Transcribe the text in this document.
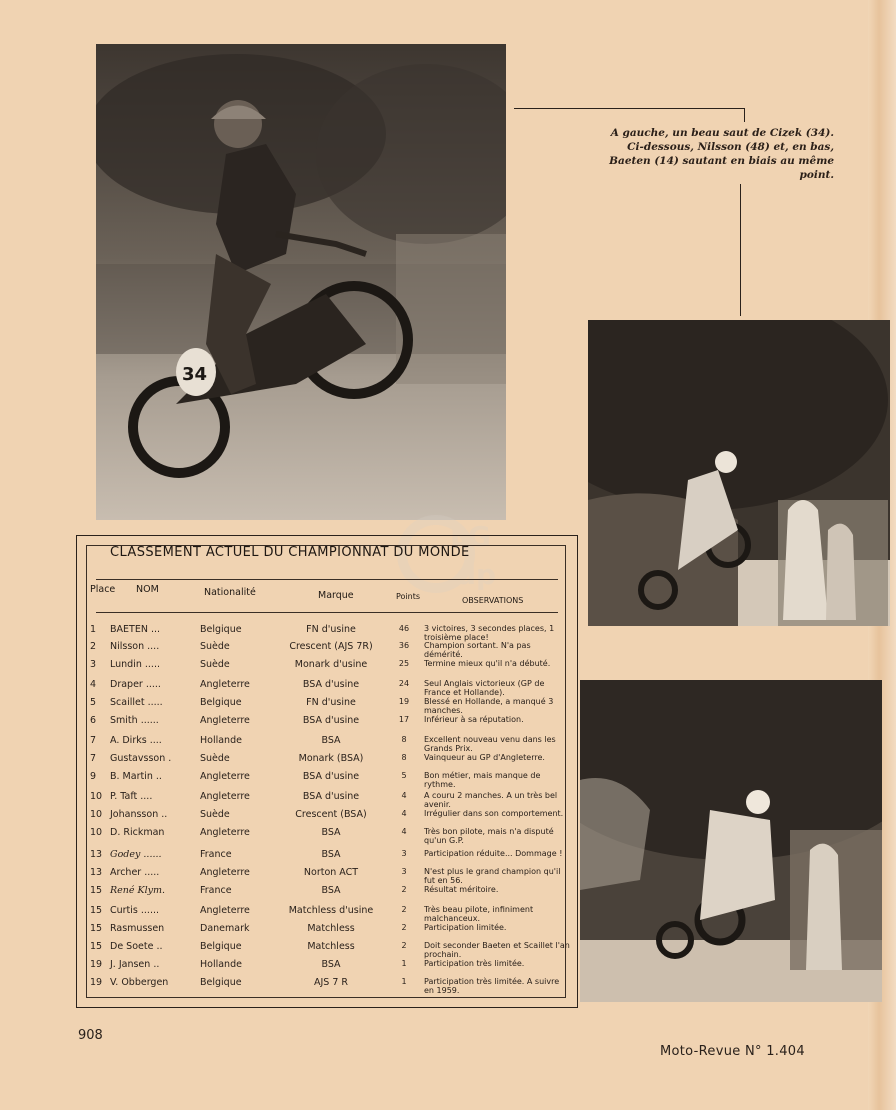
34
A gauche, un beau saut de Cizek (34).
Ci-dessous, Nilsson (48) et, en bas,
Baeten (14) sautant en biais au même
point.
LG
dp
CLASSEMENT ACTUEL DU CHAMPIONNAT DU MONDE
Place NOM	Nationalité	Marque	Points	OBSERVATIONS
1	BAETEN ...	Belgique	FN d'usine	46	3 victoires, 3 secondes places, 1 troisième place!
2	Nilsson ....	Suède	Crescent (AJS 7R)	36	Champion sortant. N'a pas démérité.
3	Lundin .....	Suède	Monark d'usine	25	Termine mieux qu'il n'a débuté.
4	Draper .....	Angleterre	BSA d'usine	24	Seul Anglais victorieux (GP de France et Hollande).
5	Scaillet .....	Belgique	FN d'usine	19	Blessé en Hollande, a manqué 3 manches.
6	Smith ......	Angleterre	BSA d'usine	17	Inférieur à sa réputation.
7	A. Dirks ....	Hollande	BSA	8	Excellent nouveau venu dans les Grands Prix.
7	Gustavsson .	Suède	Monark (BSA)	8	Vainqueur au GP d'Angleterre.
9	B. Martin ..	Angleterre	BSA d'usine	5	Bon métier, mais manque de rythme.
10 P. Taft ....	Angleterre	BSA d'usine	4	A couru 2 manches. A un très bel avenir.
10 Johansson ..	Suède	Crescent (BSA)	4	Irrégulier dans son comportement.
10 D. Rickman	Angleterre	BSA	4	Très bon pilote, mais n'a disputé qu'un G.P.
13 Godey ......	France	BSA	3	Participation réduite... Dommage !
13 Archer .....	Angleterre	Norton ACT	3	N'est plus le grand champion qu'il fut en 56.
15 René Klym.	France	BSA	2	Résultat méritoire.
15 Curtis ......	Angleterre	Matchless d'usine	2	Très beau pilote, infiniment malchanceux.
15 Rasmussen	Danemark	Matchless	2	Participation limitée.
15 De Soete ..	Belgique	Matchless	2	Doit seconder Baeten et Scaillet l'an prochain.
19 J. Jansen ..	Hollande	BSA	1	Participation très limitée.
19 V. Obbergen	Belgique	AJS 7 R	1	Participation très limitée. A suivre en 1959.
908
Moto-Revue N° 1.404
